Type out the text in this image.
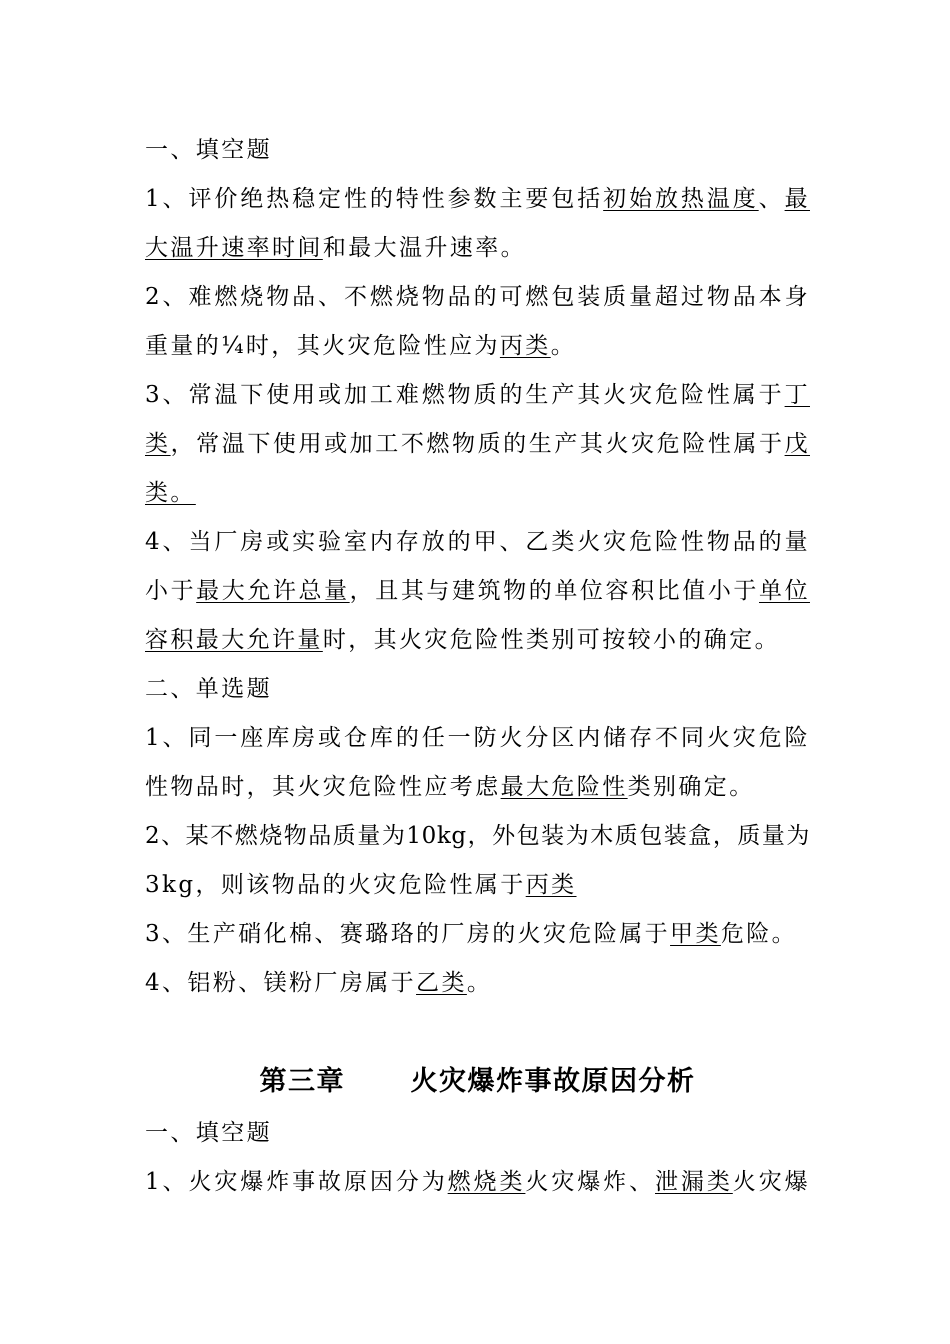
一、填空题
1、评价绝热稳定性的特性参数主要包括初始放热温度、最
大温升速率时间和最大温升速率。
2、难燃烧物品、不燃烧物品的可燃包装质量超过物品本身
重量的¼时，其火灾危险性应为丙类。
3、常温下使用或加工难燃物质的生产其火灾危险性属于丁
类，常温下使用或加工不燃物质的生产其火灾危险性属于戊
类。
4、当厂房或实验室内存放的甲、乙类火灾危险性物品的量
小于最大允许总量，且其与建筑物的单位容积比值小于单位
容积最大允许量时，其火灾危险性类别可按较小的确定。
二、单选题
1、同一座库房或仓库的任一防火分区内储存不同火灾危险
性物品时，其火灾危险性应考虑最大危险性类别确定。
2、某不燃烧物品质量为10kg，外包装为木质包装盒，质量为
3kg，则该物品的火灾危险性属于丙类
3、生产硝化棉、赛璐珞的厂房的火灾危险属于甲类危险。
4、铝粉、镁粉厂房属于乙类。
第三章      火灾爆炸事故原因分析
一、填空题
1、火灾爆炸事故原因分为燃烧类火灾爆炸、泄漏类火灾爆
